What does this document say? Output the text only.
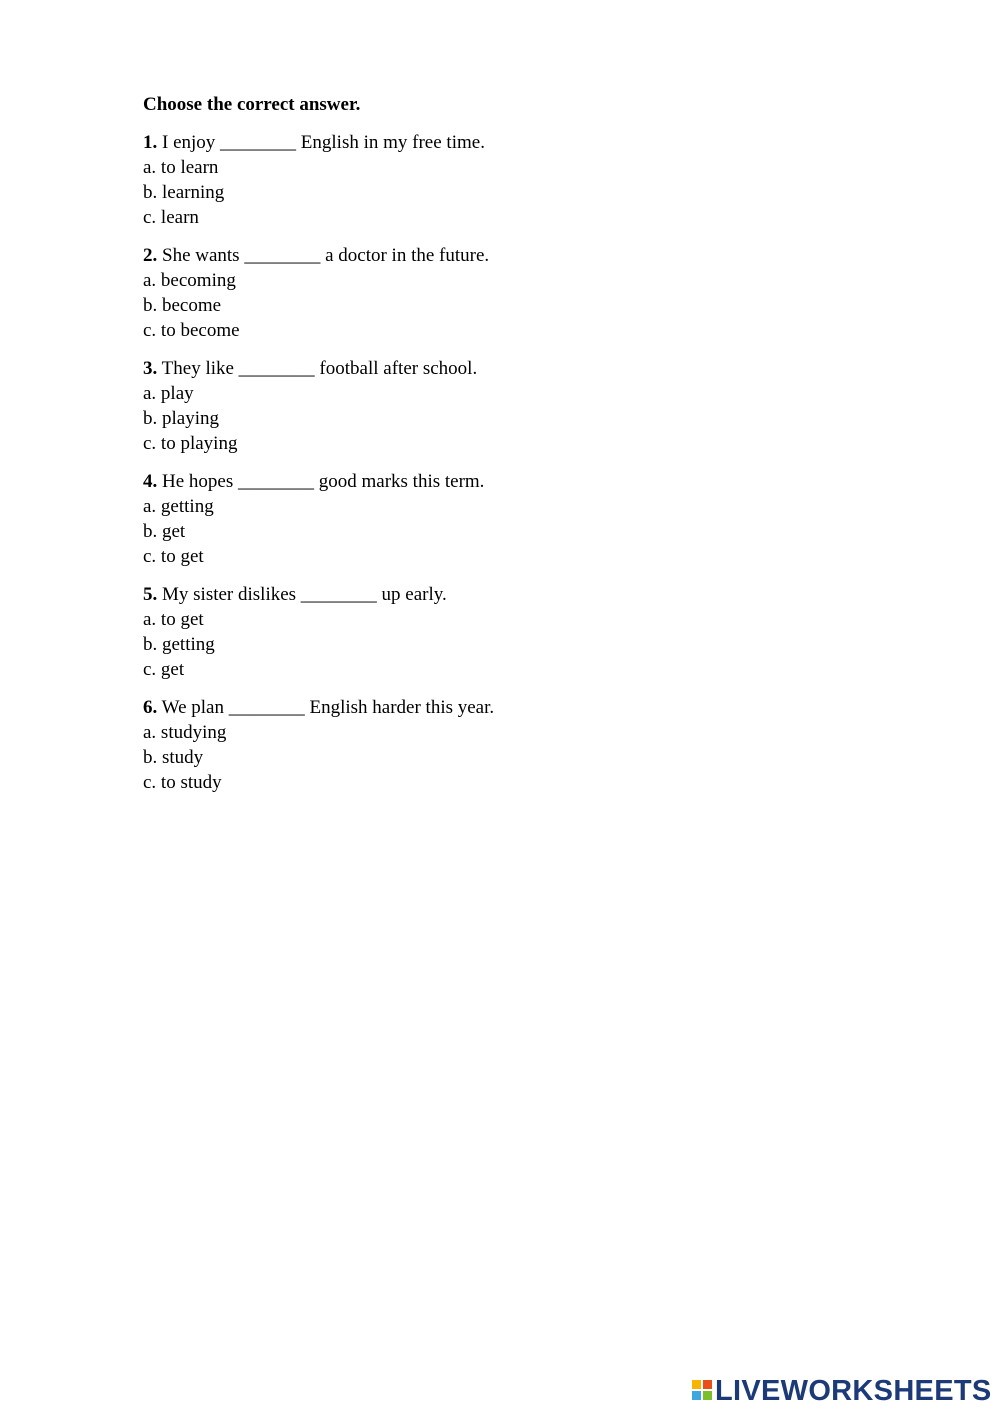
Choose the correct answer.
1. I enjoy ________ English in my free time.
a. to learn
b. learning
c. learn
2. She wants ________ a doctor in the future.
a. becoming
b. become
c. to become
3. They like ________ football after school.
a. play
b. playing
c. to playing
4. He hopes ________ good marks this term.
a. getting
b. get
c. to get
5. My sister dislikes ________ up early.
a. to get
b. getting
c. get
6. We plan ________ English harder this year.
a. studying
b. study
c. to study
LIVEWORKSHEETS
